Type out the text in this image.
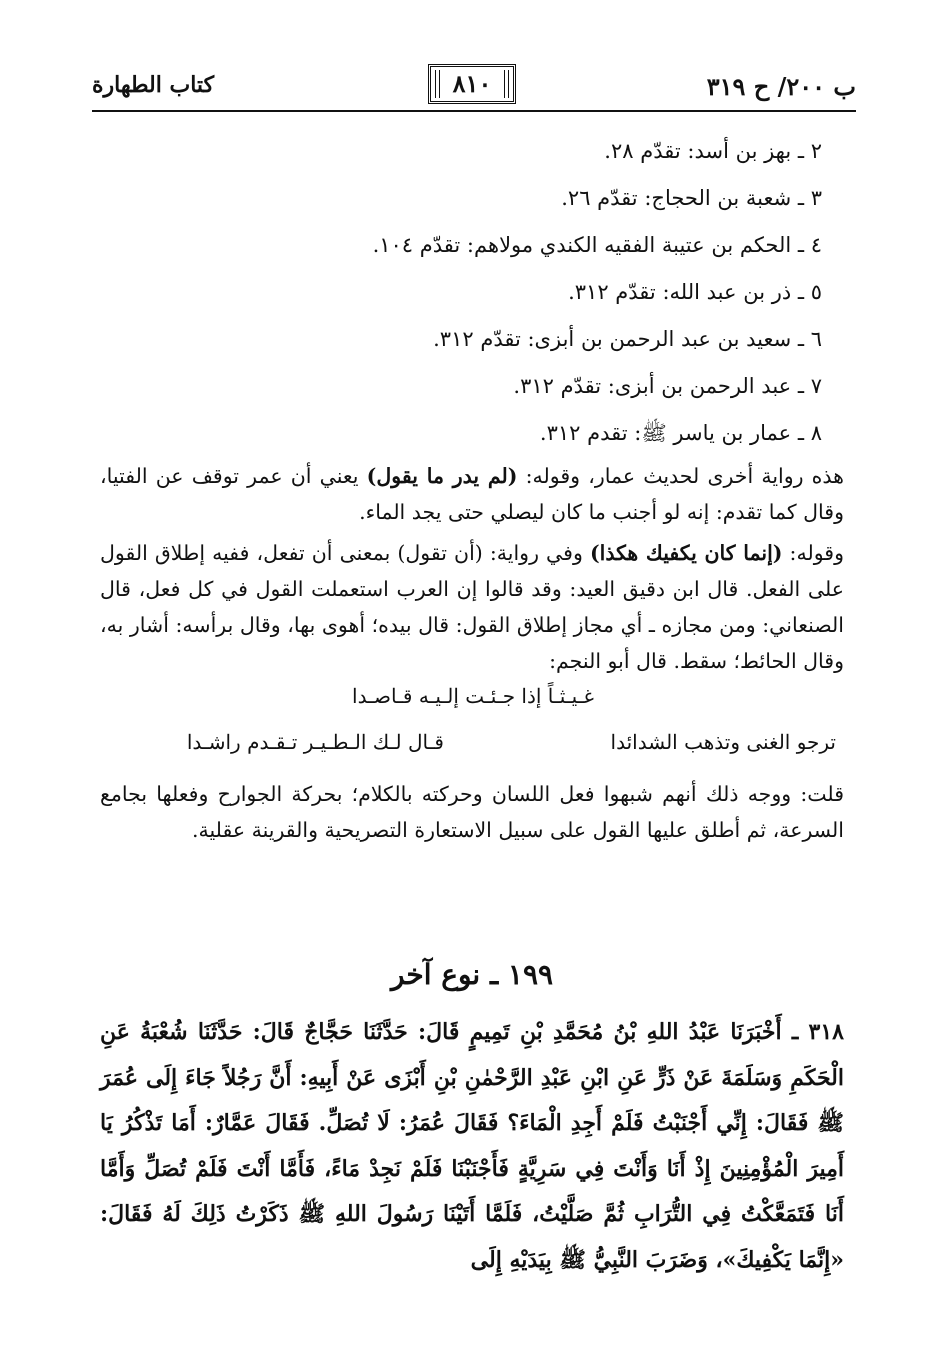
ب ٢٠٠/ ح ٣١٩
٨١٠
كتاب الطهارة
٢ ـ بهز بن أسد: تقدّم ٢٨.
٣ ـ شعبة بن الحجاج: تقدّم ٢٦.
٤ ـ الحكم بن عتيبة الفقيه الكندي مولاهم: تقدّم ١٠٤.
٥ ـ ذر بن عبد الله: تقدّم ٣١٢.
٦ ـ سعيد بن عبد الرحمن بن أبزى: تقدّم ٣١٢.
٧ ـ عبد الرحمن بن أبزى: تقدّم ٣١٢.
٨ ـ عمار بن ياسر ﷺ: تقدم ٣١٢.

هذه رواية أخرى لحديث عمار، وقوله: (لم يدر ما يقول) يعني أن عمر توقف عن الفتيا، وقال كما تقدم: إنه لو أجنب ما كان ليصلي حتى يجد الماء.

وقوله: (إنما كان يكفيك هكذا) وفي رواية: (أن تقول) بمعنى أن تفعل، ففيه إطلاق القول على الفعل. قال ابن دقيق العيد: وقد قالوا إن العرب استعملت القول في كل فعل، قال الصنعاني: ومن مجازه ـ أي مجاز إطلاق القول: قال بيده؛ أهوى بها، وقال برأسه: أشار به، وقال الحائط؛ سقط. قال أبو النجم:

غـيـثـاً إذا جـئـت إلـيـه قـاصـدا
ترجو الغنى وتذهب الشدائدا
قـال لـك الـطـيـر تـقـدم راشـدا

قلت: ووجه ذلك أنهم شبهوا فعل اللسان وحركته بالكلام؛ بحركة الجوارح وفعلها بجامع السرعة، ثم أطلق عليها القول على سبيل الاستعارة التصريحية والقرينة عقلية.

١٩٩ ـ نوع آخر

٣١٨ ـ أَخْبَرَنَا عَبْدُ اللهِ بْنُ مُحَمَّدِ بْنِ تَمِيمٍ قَالَ: حَدَّثَنَا حَجَّاجٌ قَالَ: حَدَّثَنَا شُعْبَةُ عَنِ الْحَكَمِ وَسَلَمَةَ عَنْ ذَرٍّ عَنِ ابْنِ عَبْدِ الرَّحْمٰنِ بْنِ أَبْزَى عَنْ أَبِيهِ: أَنَّ رَجُلاً جَاءَ إِلَى عُمَرَ ﷺ فَقَالَ: إِنِّي أَجْنَبْتُ فَلَمْ أَجِدِ الْمَاءَ؟ فَقَالَ عُمَرُ: لَا تُصَلِّ. فَقَالَ عَمَّارٌ: أَمَا تَذْكُرُ يَا أَمِيرَ الْمُؤْمِنِينَ إِذْ أَنَا وَأَنْتَ فِي سَرِيَّةٍ فَأَجْنَبْنَا فَلَمْ نَجِدْ مَاءً، فَأَمَّا أَنْتَ فَلَمْ تُصَلِّ وَأَمَّا أَنَا فَتَمَعَّكْتُ فِي التُّرَابِ ثُمَّ صَلَّيْتُ، فَلَمَّا أَتَيْنَا رَسُولَ اللهِ ﷺ ذَكَرْتُ ذَلِكَ لَهُ فَقَالَ: «إِنَّمَا يَكْفِيكَ»، وَضَرَبَ النَّبِيُّ ﷺ بِيَدَيْهِ إِلَى
